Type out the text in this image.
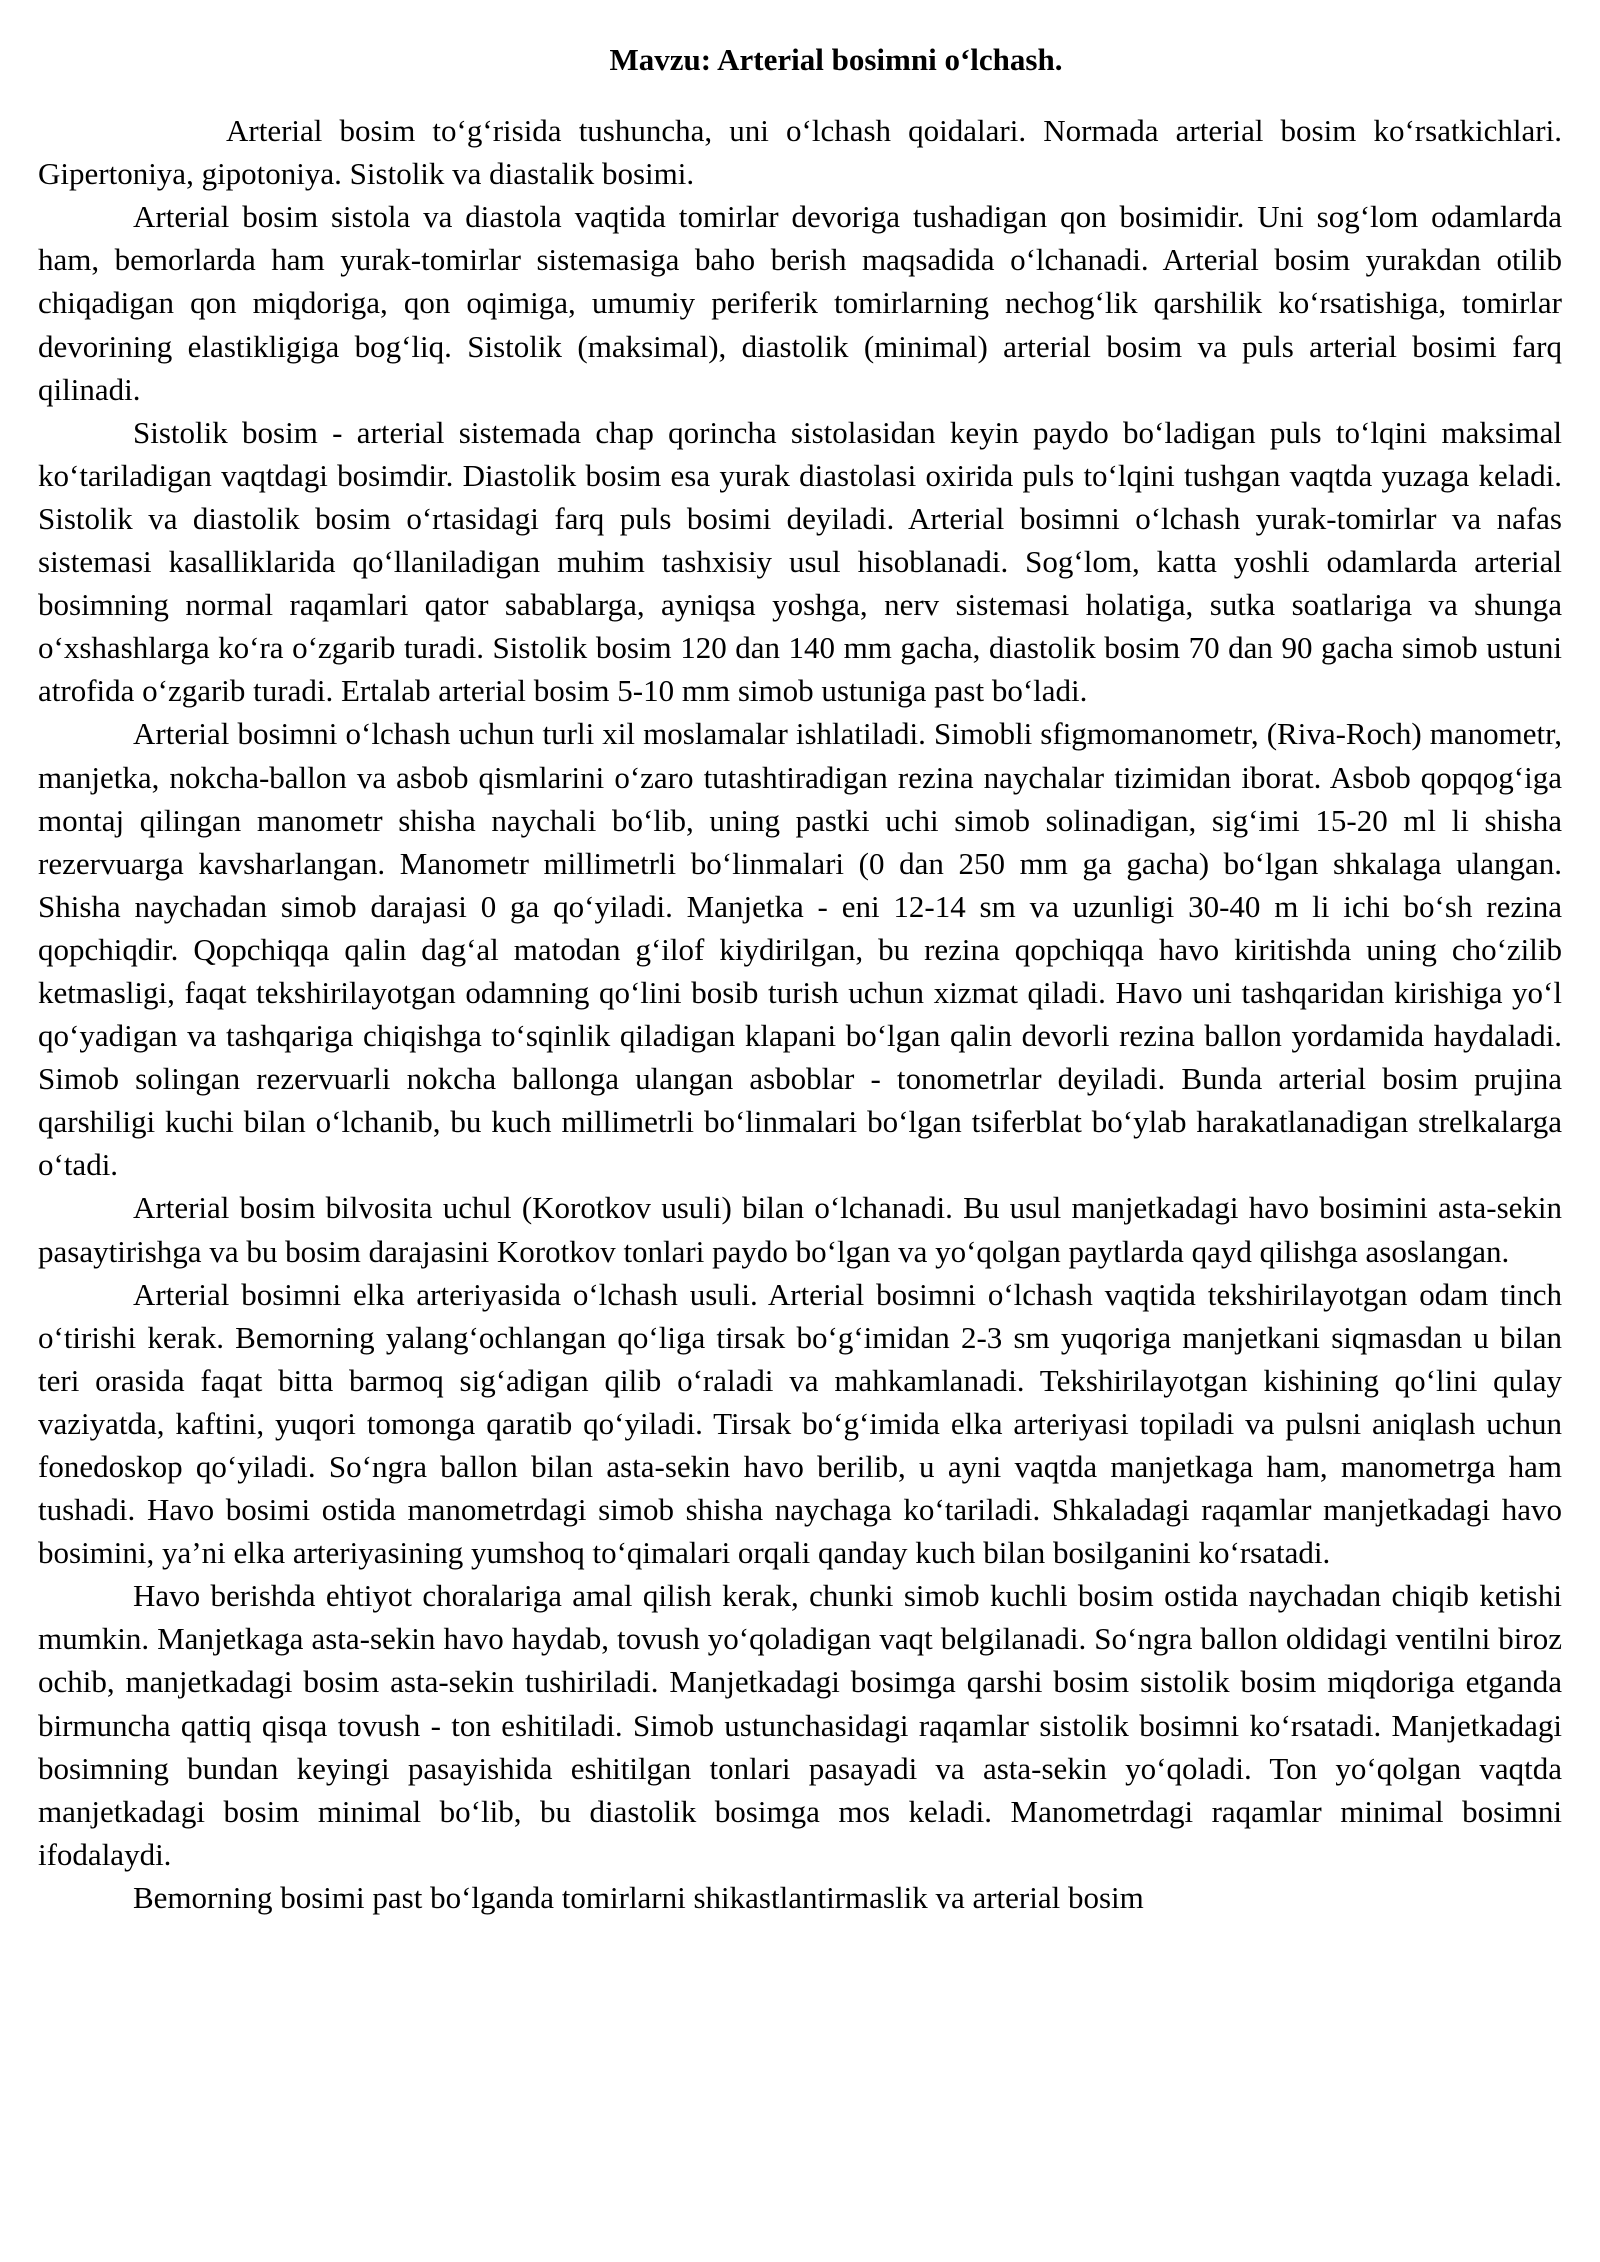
Mavzu: Arterial bosimni o‘lchash.

Arterial bosim to‘g‘risida tushuncha, uni o‘lchash qoidalari. Normada arterial bosim ko‘rsatkichlari. Gipertoniya, gipotoniya. Sistolik va diastalik bosimi.

Arterial bosim sistola va diastola vaqtida tomirlar devoriga tushadigan qon bosimidir. Uni sog‘lom odamlarda ham, bemorlarda ham yurak-tomirlar sistemasiga baho berish maqsadida o‘lchanadi. Arterial bosim yurakdan otilib chiqadigan qon miqdoriga, qon oqimiga, umumiy periferik tomirlarning nechog‘lik qarshilik ko‘rsatishiga, tomirlar devorining elastikligiga bog‘liq. Sistolik (maksimal), diastolik (minimal) arterial bosim va puls arterial bosimi farq qilinadi.

Sistolik bosim - arterial sistemada chap qorincha sistolasidan keyin paydo bo‘ladigan puls to‘lqini maksimal ko‘tariladigan vaqtdagi bosimdir. Diastolik bosim esa yurak diastolasi oxirida puls to‘lqini tushgan vaqtda yuzaga keladi. Sistolik va diastolik bosim o‘rtasidagi farq puls bosimi deyiladi. Arterial bosimni o‘lchash yurak-tomirlar va nafas sistemasi kasalliklarida qo‘llaniladigan muhim tashxisiy usul hisoblanadi. Sog‘lom, katta yoshli odamlarda arterial bosimning normal raqamlari qator sabablarga, ayniqsa yoshga, nerv sistemasi holatiga, sutka soatlariga va shunga o‘xshashlarga ko‘ra o‘zgarib turadi. Sistolik bosim 120 dan 140 mm gacha, diastolik bosim 70 dan 90 gacha simob ustuni atrofida o‘zgarib turadi. Ertalab arterial bosim 5-10 mm simob ustuniga past bo‘ladi.

Arterial bosimni o‘lchash uchun turli xil moslamalar ishlatiladi. Simobli sfigmomanometr, (Riva-Roch) manometr, manjetka, nokcha-ballon va asbob qismlarini o‘zaro tutashtiradigan rezina naychalar tizimidan iborat. Asbob qopqog‘iga montaj qilingan manometr shisha naychali bo‘lib, uning pastki uchi simob solinadigan, sig‘imi 15-20 ml li shisha rezervuarga kavsharlangan. Manometr millimetrli bo‘linmalari (0 dan 250 mm ga gacha) bo‘lgan shkalaga ulangan. Shisha naychadan simob darajasi 0 ga qo‘yiladi. Manjetka - eni 12-14 sm va uzunligi 30-40 m li ichi bo‘sh rezina qopchiqdir. Qopchiqqa qalin dag‘al matodan g‘ilof kiydirilgan, bu rezina qopchiqqa havo kiritishda uning cho‘zilib ketmasligi, faqat tekshirilayotgan odamning qo‘lini bosib turish uchun xizmat qiladi. Havo uni tashqaridan kirishiga yo‘l qo‘yadigan va tashqariga chiqishga to‘sqinlik qiladigan klapani bo‘lgan qalin devorli rezina ballon yordamida haydaladi. Simob solingan rezervuarli nokcha ballonga ulangan asboblar - tonometrlar deyiladi. Bunda arterial bosim prujina qarshiligi kuchi bilan o‘lchanib, bu kuch millimetrli bo‘linmalari bo‘lgan tsiferblat bo‘ylab harakatlanadigan strelkalarga o‘tadi.

Arterial bosim bilvosita uchul (Korotkov usuli) bilan o‘lchanadi. Bu usul manjetkadagi havo bosimini asta-sekin pasaytirishga va bu bosim darajasini Korotkov tonlari paydo bo‘lgan va yo‘qolgan paytlarda qayd qilishga asoslangan.

Arterial bosimni elka arteriyasida o‘lchash usuli. Arterial bosimni o‘lchash vaqtida tekshirilayotgan odam tinch o‘tirishi kerak. Bemorning yalang‘ochlangan qo‘liga tirsak bo‘g‘imidan 2-3 sm yuqoriga manjetkani siqmasdan u bilan teri orasida faqat bitta barmoq sig‘adigan qilib o‘raladi va mahkamlanadi. Tekshirilayotgan kishining qo‘lini qulay vaziyatda, kaftini, yuqori tomonga qaratib qo‘yiladi. Tirsak bo‘g‘imida elka arteriyasi topiladi va pulsni aniqlash uchun fonedoskop qo‘yiladi. So‘ngra ballon bilan asta-sekin havo berilib, u ayni vaqtda manjetkaga ham, manometrga ham tushadi. Havo bosimi ostida manometrdagi simob shisha naychaga ko‘tariladi. Shkaladagi raqamlar manjetkadagi havo bosimini, ya’ni elka arteriyasining yumshoq to‘qimalari orqali qanday kuch bilan bosilganini ko‘rsatadi.

Havo berishda ehtiyot choralariga amal qilish kerak, chunki simob kuchli bosim ostida naychadan chiqib ketishi mumkin. Manjetkaga asta-sekin havo haydab, tovush yo‘qoladigan vaqt belgilanadi. So‘ngra ballon oldidagi ventilni biroz ochib, manjetkadagi bosim asta-sekin tushiriladi. Manjetkadagi bosimga qarshi bosim sistolik bosim miqdoriga etganda birmuncha qattiq qisqa tovush - ton eshitiladi. Simob ustunchasidagi raqamlar sistolik bosimni ko‘rsatadi. Manjetkadagi bosimning bundan keyingi pasayishida eshitilgan tonlari pasayadi va asta-sekin yo‘qoladi. Ton yo‘qolgan vaqtda manjetkadagi bosim minimal bo‘lib, bu diastolik bosimga mos keladi. Manometrdagi raqamlar minimal bosimni ifodalaydi.

Bemorning bosimi past bo‘lganda tomirlarni shikastlantirmaslik va arterial bosim
